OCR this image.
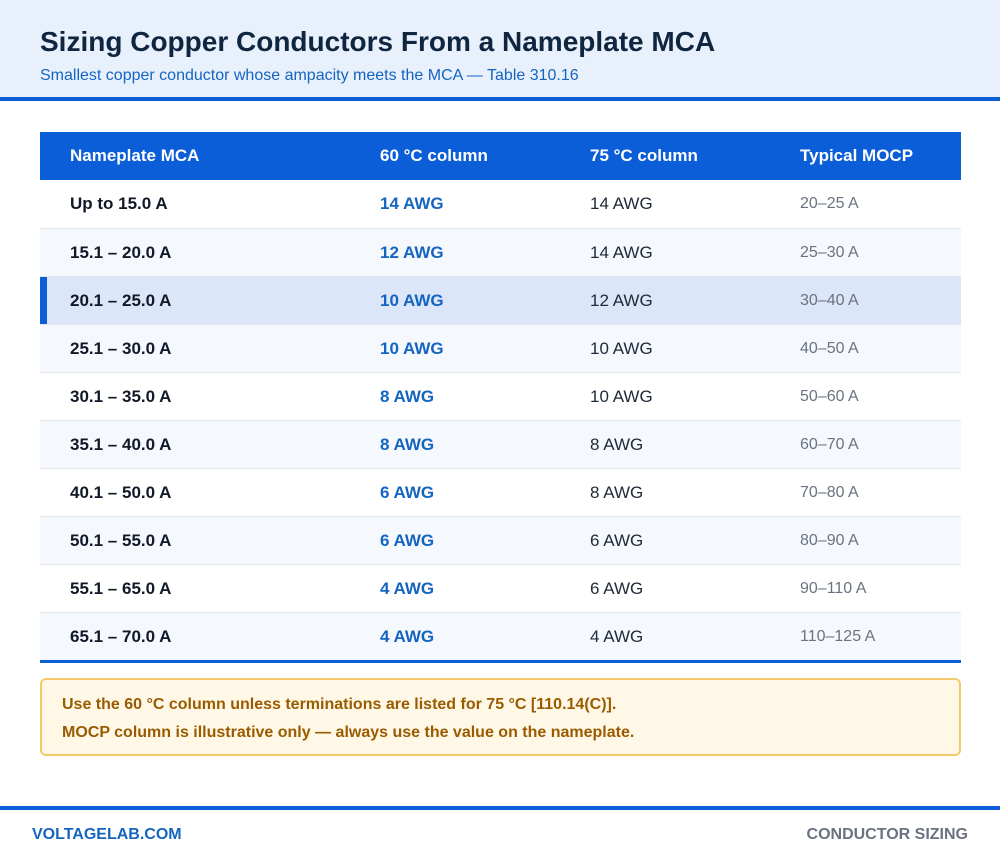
Sizing Copper Conductors From a Nameplate MCA
Smallest copper conductor whose ampacity meets the MCA — Table 310.16
Nameplate MCA	60 °C column	75 °C column	Typical MOCP
Up to 15.0 A	14 AWG	14 AWG	20–25 A
15.1 – 20.0 A	12 AWG	14 AWG	25–30 A
20.1 – 25.0 A	10 AWG	12 AWG	30–40 A
25.1 – 30.0 A	10 AWG	10 AWG	40–50 A
30.1 – 35.0 A	8 AWG	10 AWG	50–60 A
35.1 – 40.0 A	8 AWG	8 AWG	60–70 A
40.1 – 50.0 A	6 AWG	8 AWG	70–80 A
50.1 – 55.0 A	6 AWG	6 AWG	80–90 A
55.1 – 65.0 A	4 AWG	6 AWG	90–110 A
65.1 – 70.0 A	4 AWG	4 AWG	110–125 A
Use the 60 °C column unless terminations are listed for 75 °C [110.14(C)].
MOCP column is illustrative only — always use the value on the nameplate.
VOLTAGELAB.COM	CONDUCTOR SIZING
